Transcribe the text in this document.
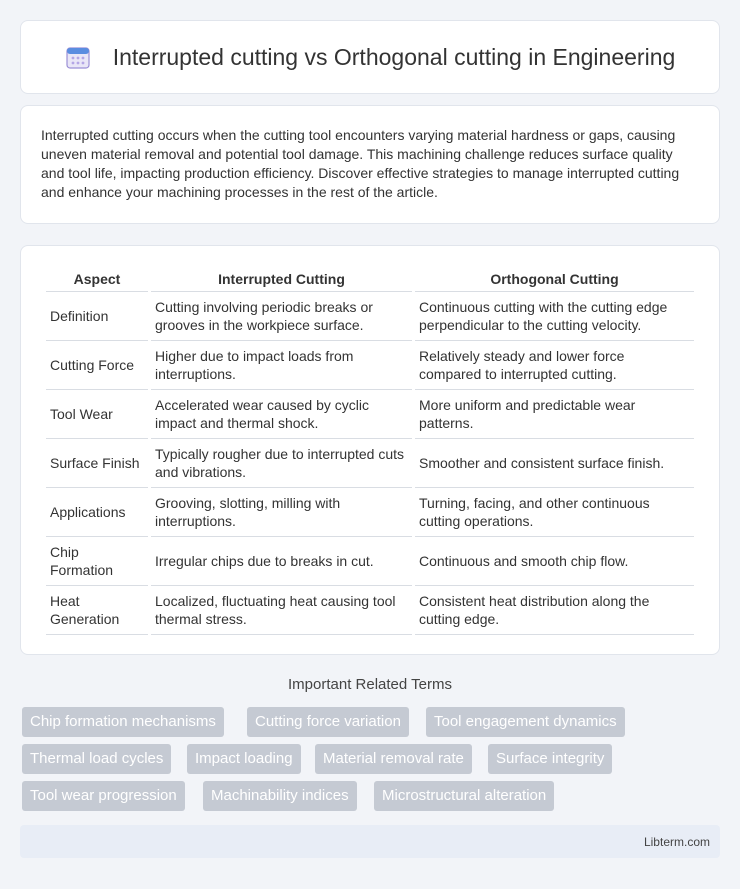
Interrupted cutting vs Orthogonal cutting in Engineering

Interrupted cutting occurs when the cutting tool encounters varying material hardness or gaps, causing uneven material removal and potential tool damage. This machining challenge reduces surface quality and tool life, impacting production efficiency. Discover effective strategies to manage interrupted cutting and enhance your machining processes in the rest of the article.

Aspect	Interrupted Cutting	Orthogonal Cutting
Definition	Cutting involving periodic breaks or grooves in the workpiece surface.	Continuous cutting with the cutting edge perpendicular to the cutting velocity.
Cutting Force	Higher due to impact loads from interruptions.	Relatively steady and lower force compared to interrupted cutting.
Tool Wear	Accelerated wear caused by cyclic impact and thermal shock.	More uniform and predictable wear patterns.
Surface Finish	Typically rougher due to interrupted cuts and vibrations.	Smoother and consistent surface finish.
Applications	Grooving, slotting, milling with interruptions.	Turning, facing, and other continuous cutting operations.
Chip Formation	Irregular chips due to breaks in cut.	Continuous and smooth chip flow.
Heat Generation	Localized, fluctuating heat causing tool thermal stress.	Consistent heat distribution along the cutting edge.
Important Related Terms
Chip formation mechanisms	Cutting force variation	Tool engagement dynamics
Thermal load cycles	Impact loading	Material removal rate	Surface integrity
Tool wear progression	Machinability indices	Microstructural alteration
Libterm.com
